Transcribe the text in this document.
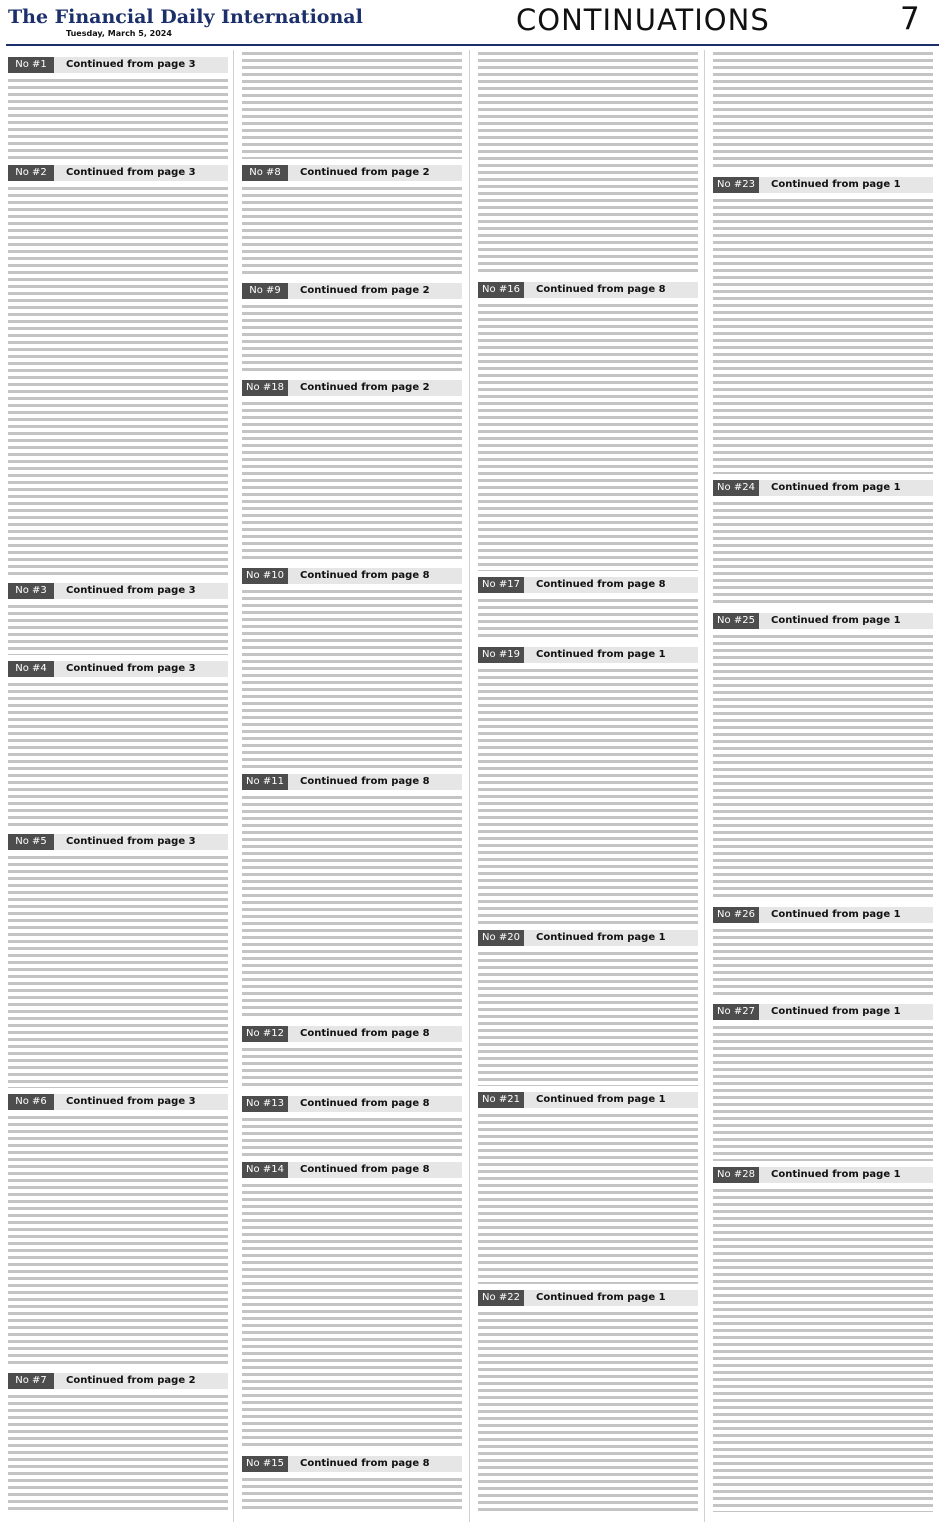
The Financial Daily International
Tuesday, March 5, 2024	CONTINUATIONS	7
No #1	Continued from page 3
No #2	Continued from page 3
No #3	Continued from page 3
No #4	Continued from page 3
No #5	Continued from page 3
No #6	Continued from page 3
No #7	Continued from page 2
No #8	Continued from page 2
No #9	Continued from page 2
No #18	Continued from page 2
No #10	Continued from page 8
No #11	Continued from page 8
No #12	Continued from page 8
No #13	Continued from page 8
No #14	Continued from page 8
No #15	Continued from page 8
No #16	Continued from page 8
No #17	Continued from page 8
No #19	Continued from page 1
No #20	Continued from page 1
No #21	Continued from page 1
No #22	Continued from page 1
No #23	Continued from page 1
No #24	Continued from page 1
No #25	Continued from page 1
No #26	Continued from page 1
No #27	Continued from page 1
No #28	Continued from page 1
